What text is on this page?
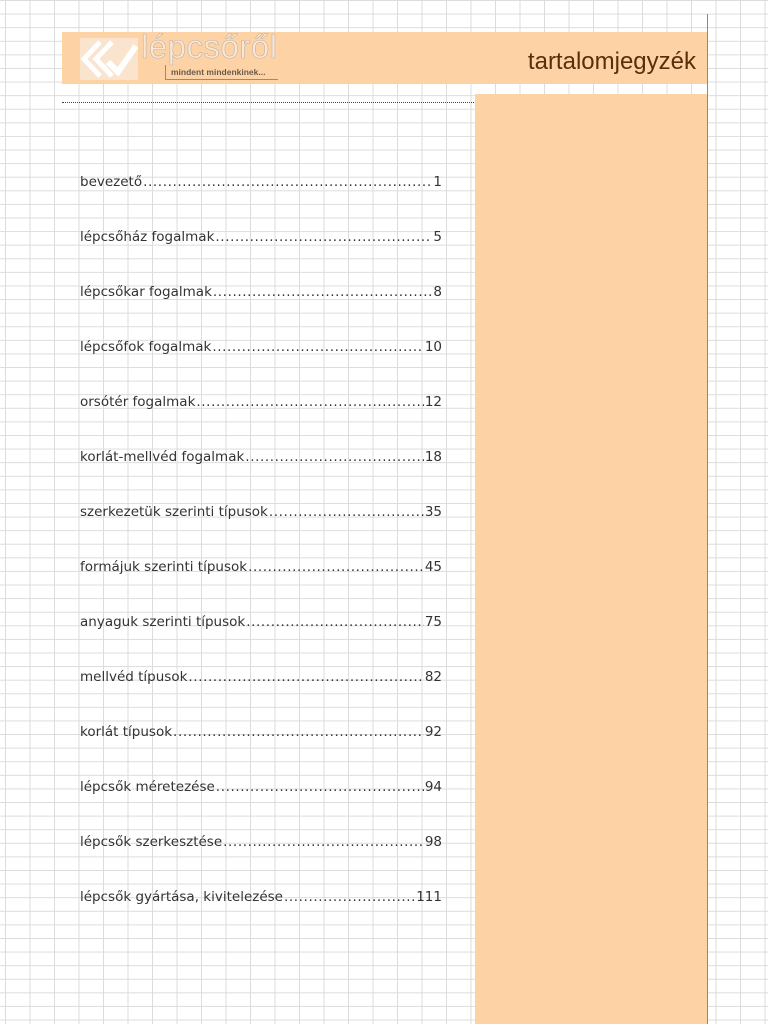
lépcsőről
mindent mindenkinek...	tartalomjegyzék
bevezető .....	1
lépcsőház fogalmak .....	5
lépcsőkar fogalmak .....	8
lépcsőfok fogalmak .....	10
orsótér fogalmak .....	12
korlát-mellvéd fogalmak .....	18
szerkezetük szerinti típusok .....	35
formájuk szerinti típusok .....	45
anyaguk szerinti típusok .....	75
mellvéd típusok .....	82
korlát típusok .....	92
lépcsők méretezése .....	94
lépcsők szerkesztése .....	98
lépcsők gyártása, kivitelezése .....	111
